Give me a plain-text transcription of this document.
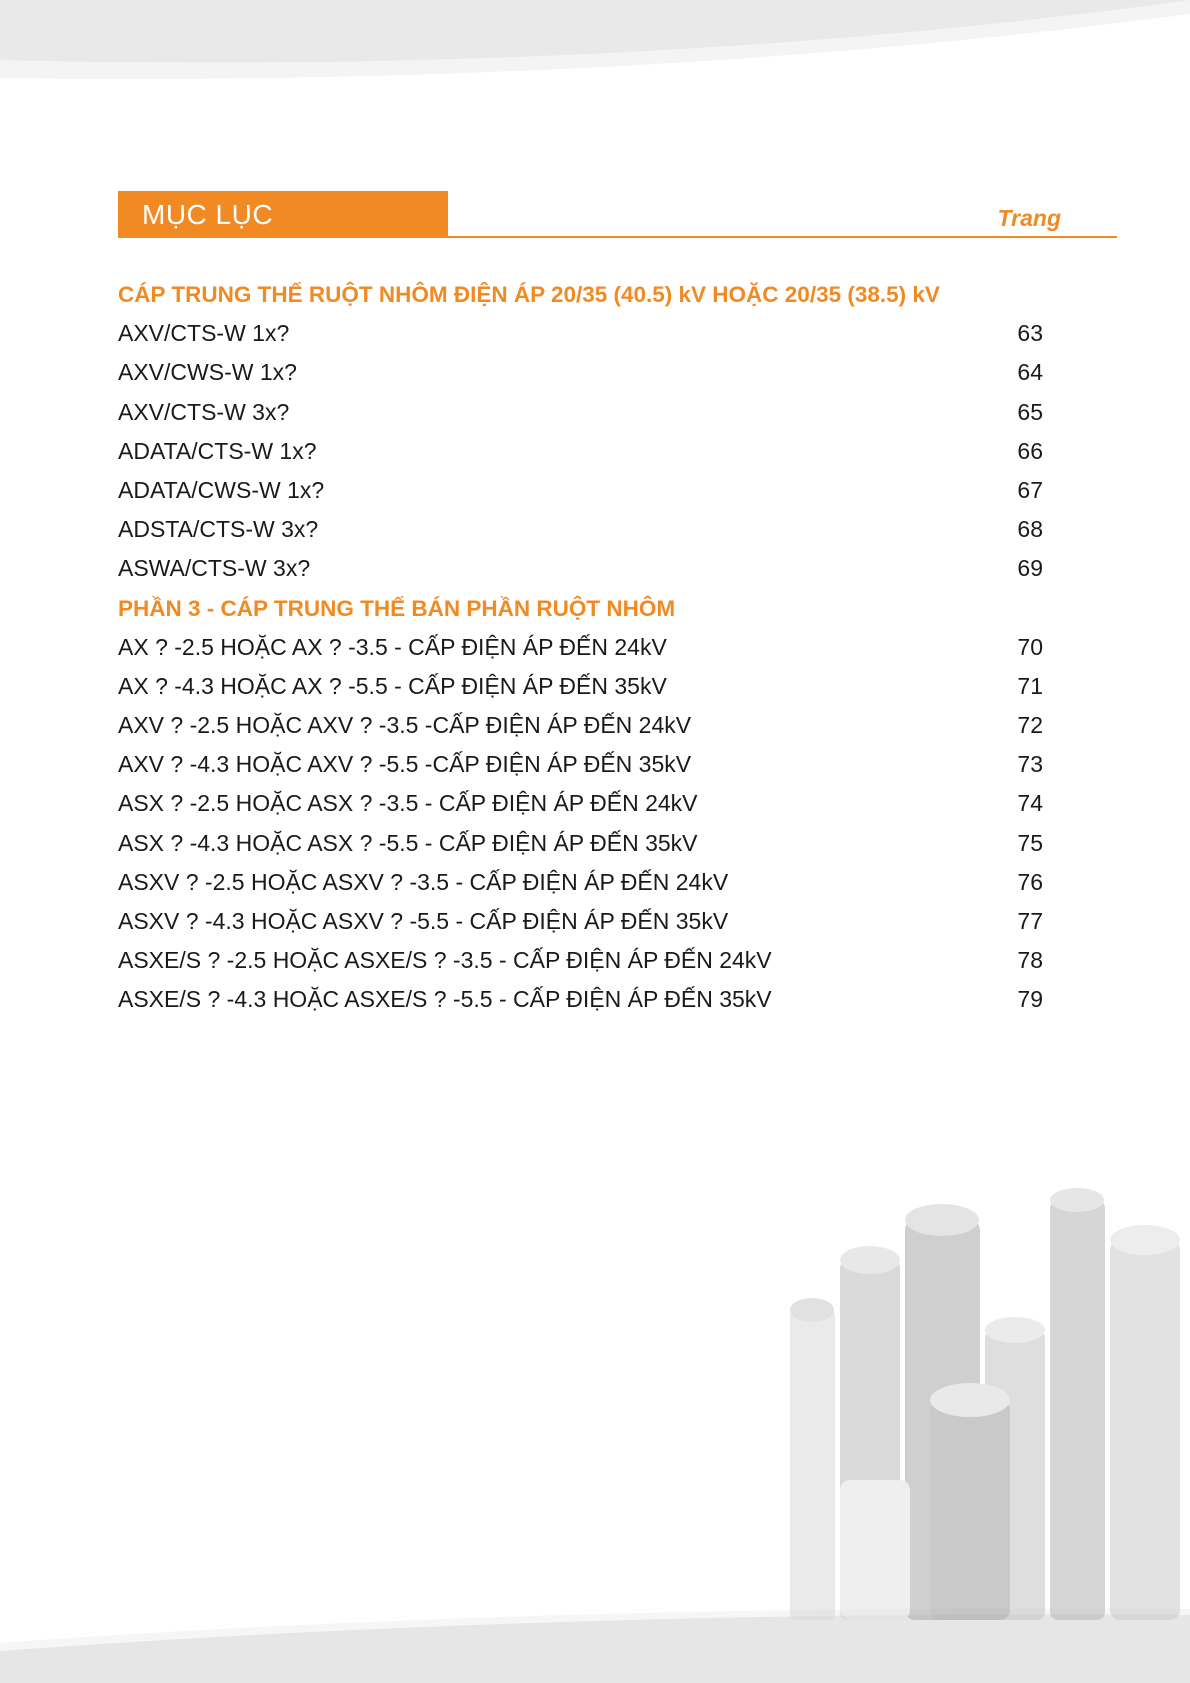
MỤC LỤC	Trang
CÁP TRUNG THẾ RUỘT NHÔM ĐIỆN ÁP 20/35 (40.5) kV HOẶC 20/35 (38.5) kV
AXV/CTS-W 1x?	63
AXV/CWS-W 1x?	64
AXV/CTS-W 3x?	65
ADATA/CTS-W 1x?	66
ADATA/CWS-W 1x?	67
ADSTA/CTS-W 3x?	68
ASWA/CTS-W 3x?	69
PHẦN 3 - CÁP TRUNG THẾ BÁN PHẦN RUỘT NHÔM
AX ? -2.5 HOẶC AX ? -3.5 - CẤP ĐIỆN ÁP ĐẾN 24kV	70
AX ? -4.3 HOẶC AX ? -5.5 - CẤP ĐIỆN ÁP ĐẾN 35kV	71
AXV ? -2.5 HOẶC AXV ? -3.5 -CẤP ĐIỆN ÁP ĐẾN 24kV	72
AXV ? -4.3 HOẶC AXV ? -5.5 -CẤP ĐIỆN ÁP ĐẾN 35kV	73
ASX ? -2.5 HOẶC ASX ? -3.5 - CẤP ĐIỆN ÁP ĐẾN 24kV	74
ASX ? -4.3 HOẶC ASX ? -5.5 - CẤP ĐIỆN ÁP ĐẾN 35kV	75
ASXV ? -2.5 HOẶC ASXV ? -3.5 - CẤP ĐIỆN ÁP ĐẾN 24kV	76
ASXV ? -4.3 HOẶC ASXV ? -5.5 - CẤP ĐIỆN ÁP ĐẾN 35kV	77
ASXE/S ? -2.5 HOẶC ASXE/S ? -3.5 - CẤP ĐIỆN ÁP ĐẾN 24kV	78
ASXE/S ? -4.3 HOẶC ASXE/S ? -5.5 - CẤP ĐIỆN ÁP ĐẾN 35kV	79
